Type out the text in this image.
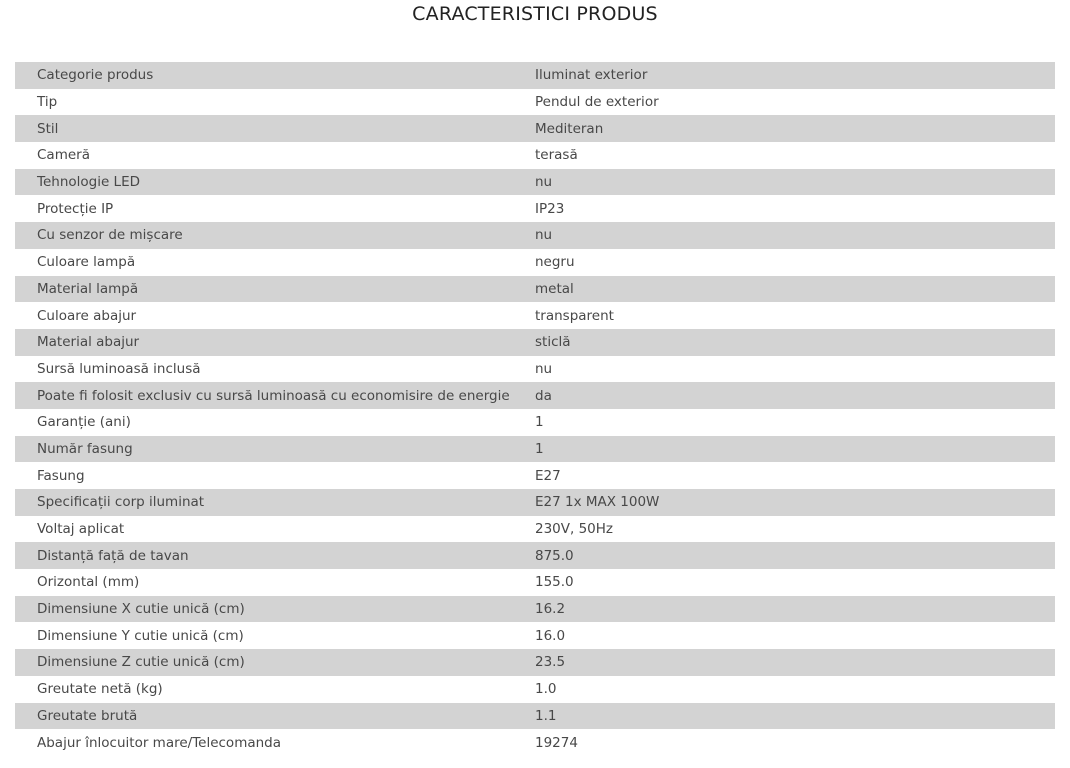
CARACTERISTICI PRODUS
Categorie produs	Iluminat exterior
Tip	Pendul de exterior
Stil	Mediteran
Cameră	terasă
Tehnologie LED	nu
Protecție IP	IP23
Cu senzor de mișcare	nu
Culoare lampă	negru
Material lampă	metal
Culoare abajur	transparent
Material abajur	sticlă
Sursă luminoasă inclusă	nu
Poate fi folosit exclusiv cu sursă luminoasă cu economisire de energie	da
Garanție (ani)	1
Număr fasung	1
Fasung	E27
Specificații corp iluminat	E27 1x MAX 100W
Voltaj aplicat	230V, 50Hz
Distanță față de tavan	875.0
Orizontal (mm)	155.0
Dimensiune X cutie unică (cm)	16.2
Dimensiune Y cutie unică (cm)	16.0
Dimensiune Z cutie unică (cm)	23.5
Greutate netă (kg)	1.0
Greutate brută	1.1
Abajur înlocuitor mare/Telecomanda	19274
